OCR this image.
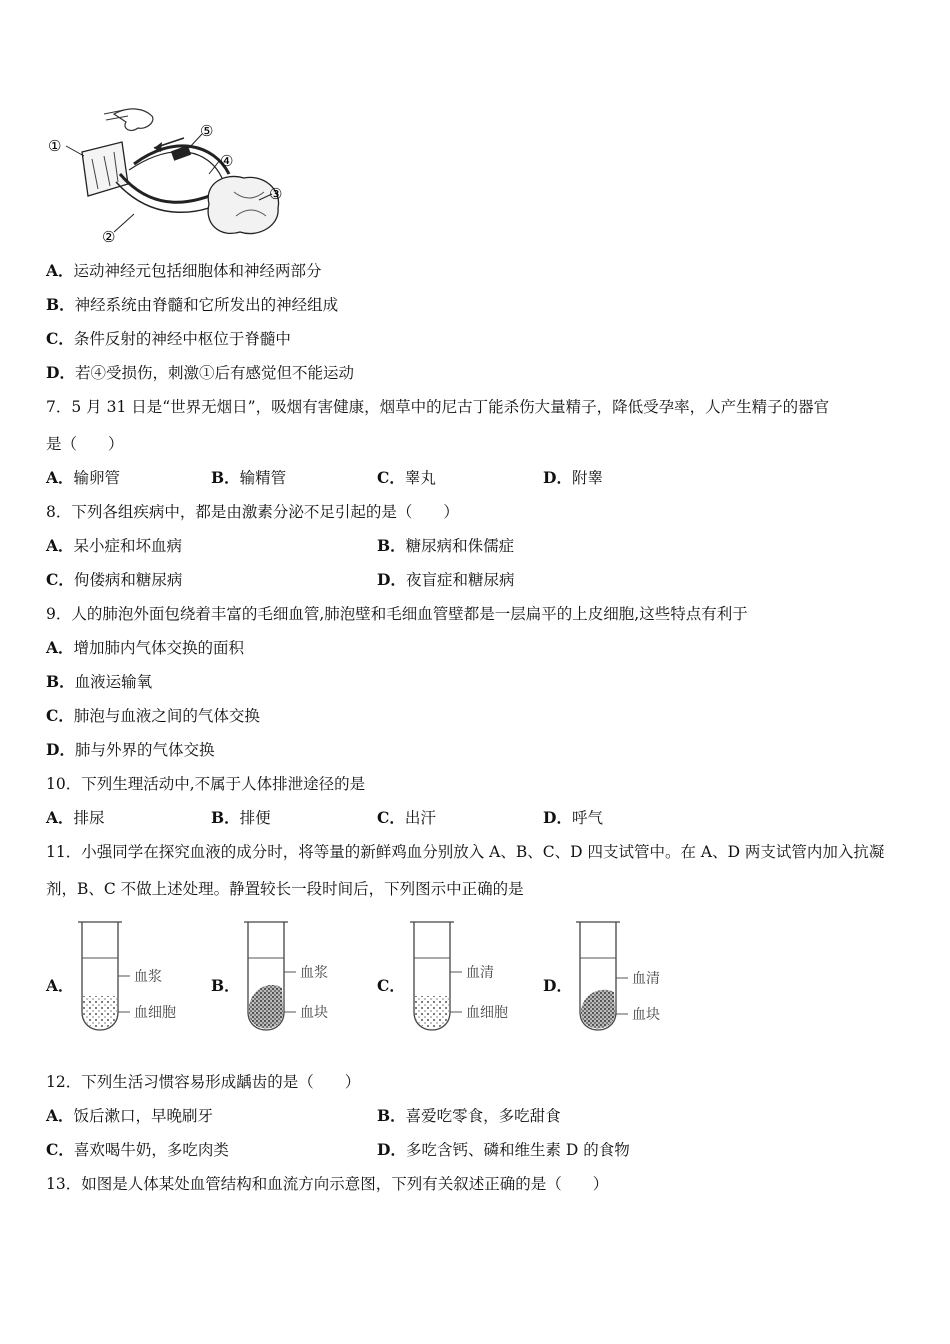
①
②
③
④
⑤
A．运动神经元包括细胞体和神经两部分
B．神经系统由脊髓和它所发出的神经组成
C．条件反射的神经中枢位于脊髓中
D．若④受损伤，刺激①后有感觉但不能运动
7．5 月 31 日是“世界无烟日”，吸烟有害健康，烟草中的尼古丁能杀伤大量精子，降低受孕率，人产生精子的器官
是（　　）
A．输卵管	B．输精管	C．睾丸	D．附睾
8．下列各组疾病中，都是由激素分泌不足引起的是（　　）
A．呆小症和坏血病	B．糖尿病和侏儒症
C．佝偻病和糖尿病	D．夜盲症和糖尿病
9．人的肺泡外面包绕着丰富的毛细血管,肺泡壁和毛细血管壁都是一层扁平的上皮细胞,这些特点有利于
A．增加肺内气体交换的面积
B．血液运输氧
C．肺泡与血液之间的气体交换
D．肺与外界的气体交换
10．下列生理活动中,不属于人体排泄途径的是
A．排尿	B．排便	C．出汗	D．呼气
11．小强同学在探究血液的成分时，将等量的新鲜鸡血分别放入 A、B、C、D 四支试管中。在 A、D 两支试管内加入抗凝
剂，B、C 不做上述处理。静置较长一段时间后，下列图示中正确的是
A．	B．	C．	D．
血浆
血细胞
血浆
血块
血清
血细胞
血清
血块
12．下列生活习惯容易形成龋齿的是（　　）
A．饭后漱口，早晚刷牙	B．喜爱吃零食，多吃甜食
C．喜欢喝牛奶，多吃肉类	D．多吃含钙、磷和维生素 D 的食物
13．如图是人体某处血管结构和血流方向示意图，下列有关叙述正确的是（　　）
